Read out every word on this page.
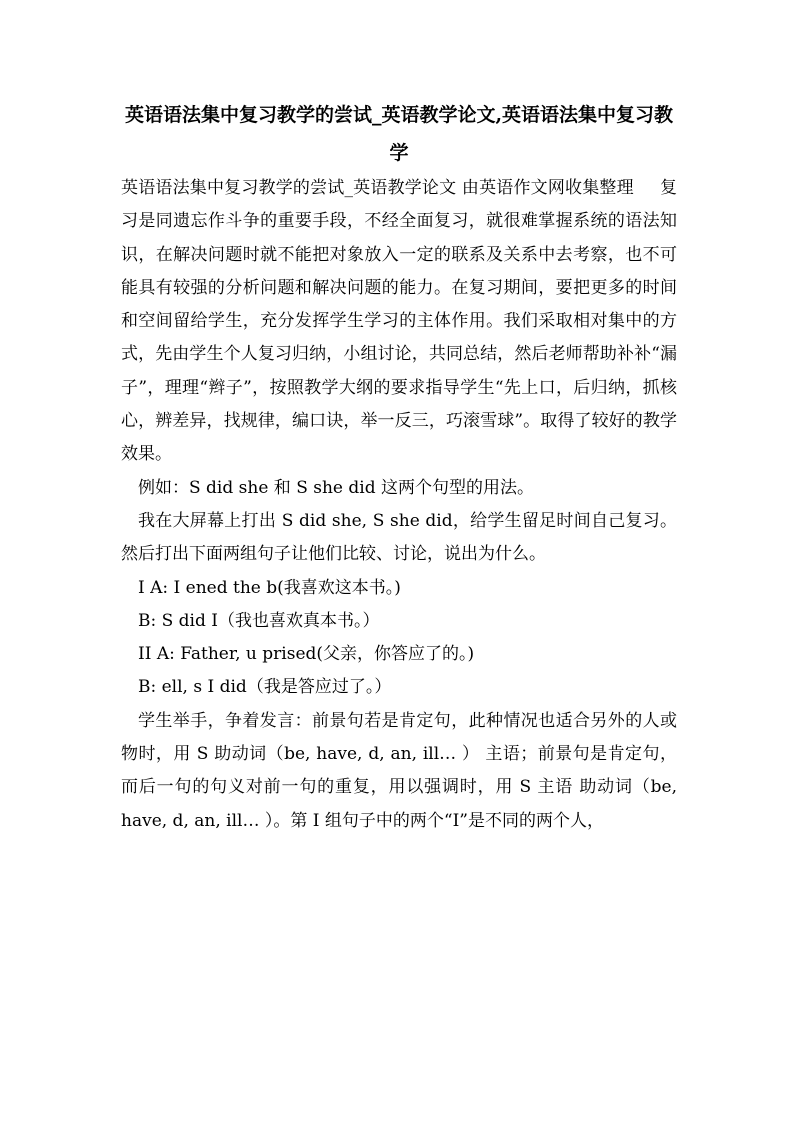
英语语法集中复习教学的尝试_英语教学论文,英语语法集中复习教学

英语语法集中复习教学的尝试_英语教学论文 由英语作文网收集整理 复习是同遗忘作斗争的重要手段，不经全面复习，就很难掌握系统的语法知识，在解决问题时就不能把对象放入一定的联系及关系中去考察，也不可能具有较强的分析问题和解决问题的能力。在复习期间，要把更多的时间和空间留给学生，充分发挥学生学习的主体作用。我们采取相对集中的方式，先由学生个人复习归纳，小组讨论，共同总结，然后老师帮助补补“漏子”，理理“辫子”，按照教学大纲的要求指导学生“先上口，后归纳，抓核心，辨差异，找规律，编口诀，举一反三，巧滚雪球”。取得了较好的教学效果。

例如：S did she 和 S she did 这两个句型的用法。

我在大屏幕上打出 S did she, S she did，给学生留足时间自己复习。然后打出下面两组句子让他们比较、讨论，说出为什么。

I A: I ened the b(我喜欢这本书。)

B: S did I（我也喜欢真本书。）

II A: Father, u prised(父亲，你答应了的。)

B: ell, s I did（我是答应过了。）

学生举手，争着发言：前景句若是肯定句，此种情况也适合另外的人或物时，用 S 助动词（be, have, d, an, ill… ） 主语；前景句是肯定句，而后一句的句义对前一句的重复，用以强调时，用 S 主语 助动词（be, have, d, an, ill… ）。第 I 组句子中的两个“I”是不同的两个人，
